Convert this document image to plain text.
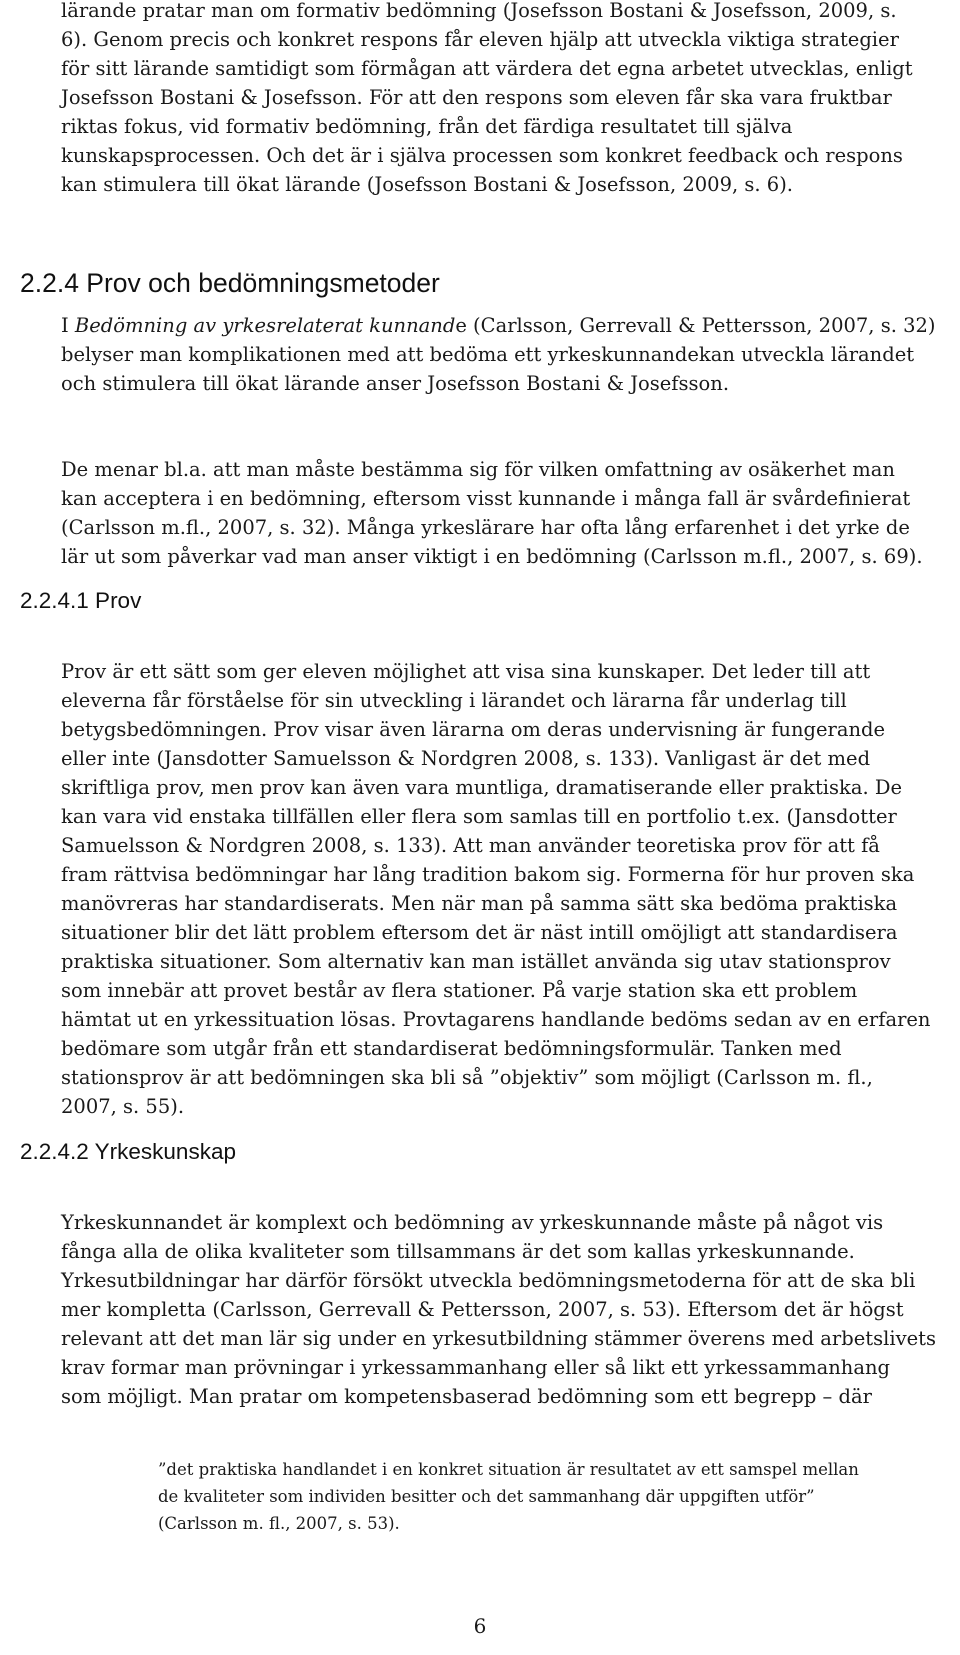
lärande pratar man om formativ bedömning (Josefsson Bostani & Josefsson, 2009, s.
6). Genom precis och konkret respons får eleven hjälp att utveckla viktiga strategier
för sitt lärande samtidigt som förmågan att värdera det egna arbetet utvecklas, enligt
Josefsson Bostani & Josefsson. För att den respons som eleven får ska vara fruktbar
riktas fokus, vid formativ bedömning, från det färdiga resultatet till själva
kunskapsprocessen. Och det är i själva processen som konkret feedback och respons
kan stimulera till ökat lärande (Josefsson Bostani & Josefsson, 2009, s. 6).

2.2.4 Prov och bedömningsmetoder

I Bedömning av yrkesrelaterat kunnande (Carlsson, Gerrevall & Pettersson, 2007, s. 32)
belyser man komplikationen med att bedöma ett yrkeskunnandekan utveckla lärandet
och stimulera till ökat lärande anser Josefsson Bostani & Josefsson.

De menar bl.a. att man måste bestämma sig för vilken omfattning av osäkerhet man
kan acceptera i en bedömning, eftersom visst kunnande i många fall är svårdefinierat
(Carlsson m.fl., 2007, s. 32). Många yrkeslärare har ofta lång erfarenhet i det yrke de
lär ut som påverkar vad man anser viktigt i en bedömning (Carlsson m.fl., 2007, s. 69).

2.2.4.1 Prov

Prov är ett sätt som ger eleven möjlighet att visa sina kunskaper. Det leder till att
eleverna får förståelse för sin utveckling i lärandet och lärarna får underlag till
betygsbedömningen. Prov visar även lärarna om deras undervisning är fungerande
eller inte (Jansdotter Samuelsson & Nordgren 2008, s. 133). Vanligast är det med
skriftliga prov, men prov kan även vara muntliga, dramatiserande eller praktiska. De
kan vara vid enstaka tillfällen eller flera som samlas till en portfolio t.ex. (Jansdotter
Samuelsson & Nordgren 2008, s. 133). Att man använder teoretiska prov för att få
fram rättvisa bedömningar har lång tradition bakom sig. Formerna för hur proven ska
manövreras har standardiserats. Men när man på samma sätt ska bedöma praktiska
situationer blir det lätt problem eftersom det är näst intill omöjligt att standardisera
praktiska situationer. Som alternativ kan man istället använda sig utav stationsprov
som innebär att provet består av flera stationer. På varje station ska ett problem
hämtat ut en yrkessituation lösas. Provtagarens handlande bedöms sedan av en erfaren
bedömare som utgår från ett standardiserat bedömningsformulär. Tanken med
stationsprov är att bedömningen ska bli så ”objektiv” som möjligt (Carlsson m. fl.,
2007, s. 55).

2.2.4.2 Yrkeskunskap

Yrkeskunnandet är komplext och bedömning av yrkeskunnande måste på något vis
fånga alla de olika kvaliteter som tillsammans är det som kallas yrkeskunnande.
Yrkesutbildningar har därför försökt utveckla bedömningsmetoderna för att de ska bli
mer kompletta (Carlsson, Gerrevall & Pettersson, 2007, s. 53). Eftersom det är högst
relevant att det man lär sig under en yrkesutbildning stämmer överens med arbetslivets
krav formar man prövningar i yrkessammanhang eller så likt ett yrkessammanhang
som möjligt. Man pratar om kompetensbaserad bedömning som ett begrepp – där

”det praktiska handlandet i en konkret situation är resultatet av ett samspel mellan
de kvaliteter som individen besitter och det sammanhang där uppgiften utför”
(Carlsson m. fl., 2007, s. 53).
6
